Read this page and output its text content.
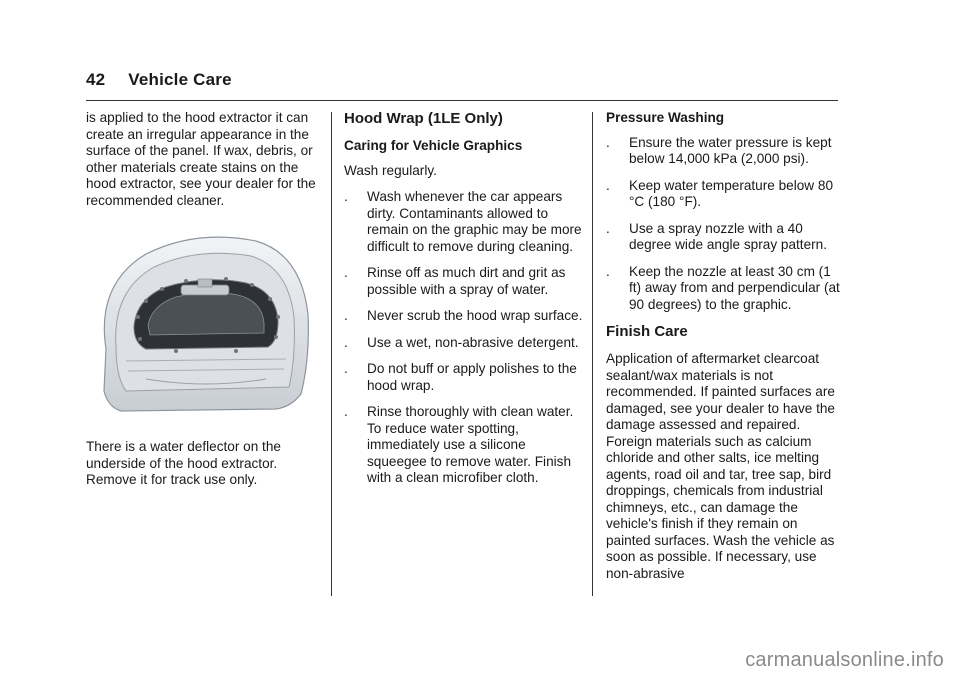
42 Vehicle Care

is applied to the hood extractor it can create an irregular appearance in the surface of the panel. If wax, debris, or other materials create stains on the hood extractor, see your dealer for the recommended cleaner.

There is a water deflector on the underside of the hood extractor. Remove it for track use only.

Hood Wrap (1LE Only)
Caring for Vehicle Graphics

Wash regularly.

. Wash whenever the car appears dirty. Contaminants allowed to remain on the graphic may be more difficult to remove during cleaning.
. Rinse off as much dirt and grit as possible with a spray of water.
. Never scrub the hood wrap surface.
. Use a wet, non-abrasive detergent.
. Do not buff or apply polishes to the hood wrap.
. Rinse thoroughly with clean water. To reduce water spotting, immediately use a silicone squeegee to remove water. Finish with a clean microfiber cloth.
Pressure Washing
. Ensure the water pressure is kept below 14,000 kPa (2,000 psi).
. Keep water temperature below 80 °C (180 °F).
. Use a spray nozzle with a 40 degree wide angle spray pattern.
. Keep the nozzle at least 30 cm (1 ft) away from and perpendicular (at 90 degrees) to the graphic.
Finish Care

Application of aftermarket clearcoat sealant/wax materials is not recommended. If painted surfaces are damaged, see your dealer to have the damage assessed and repaired. Foreign materials such as calcium chloride and other salts, ice melting agents, road oil and tar, tree sap, bird droppings, chemicals from industrial chimneys, etc., can damage the vehicle's finish if they remain on painted surfaces. Wash the vehicle as soon as possible. If necessary, use non-abrasive

carmanualsonline.info
